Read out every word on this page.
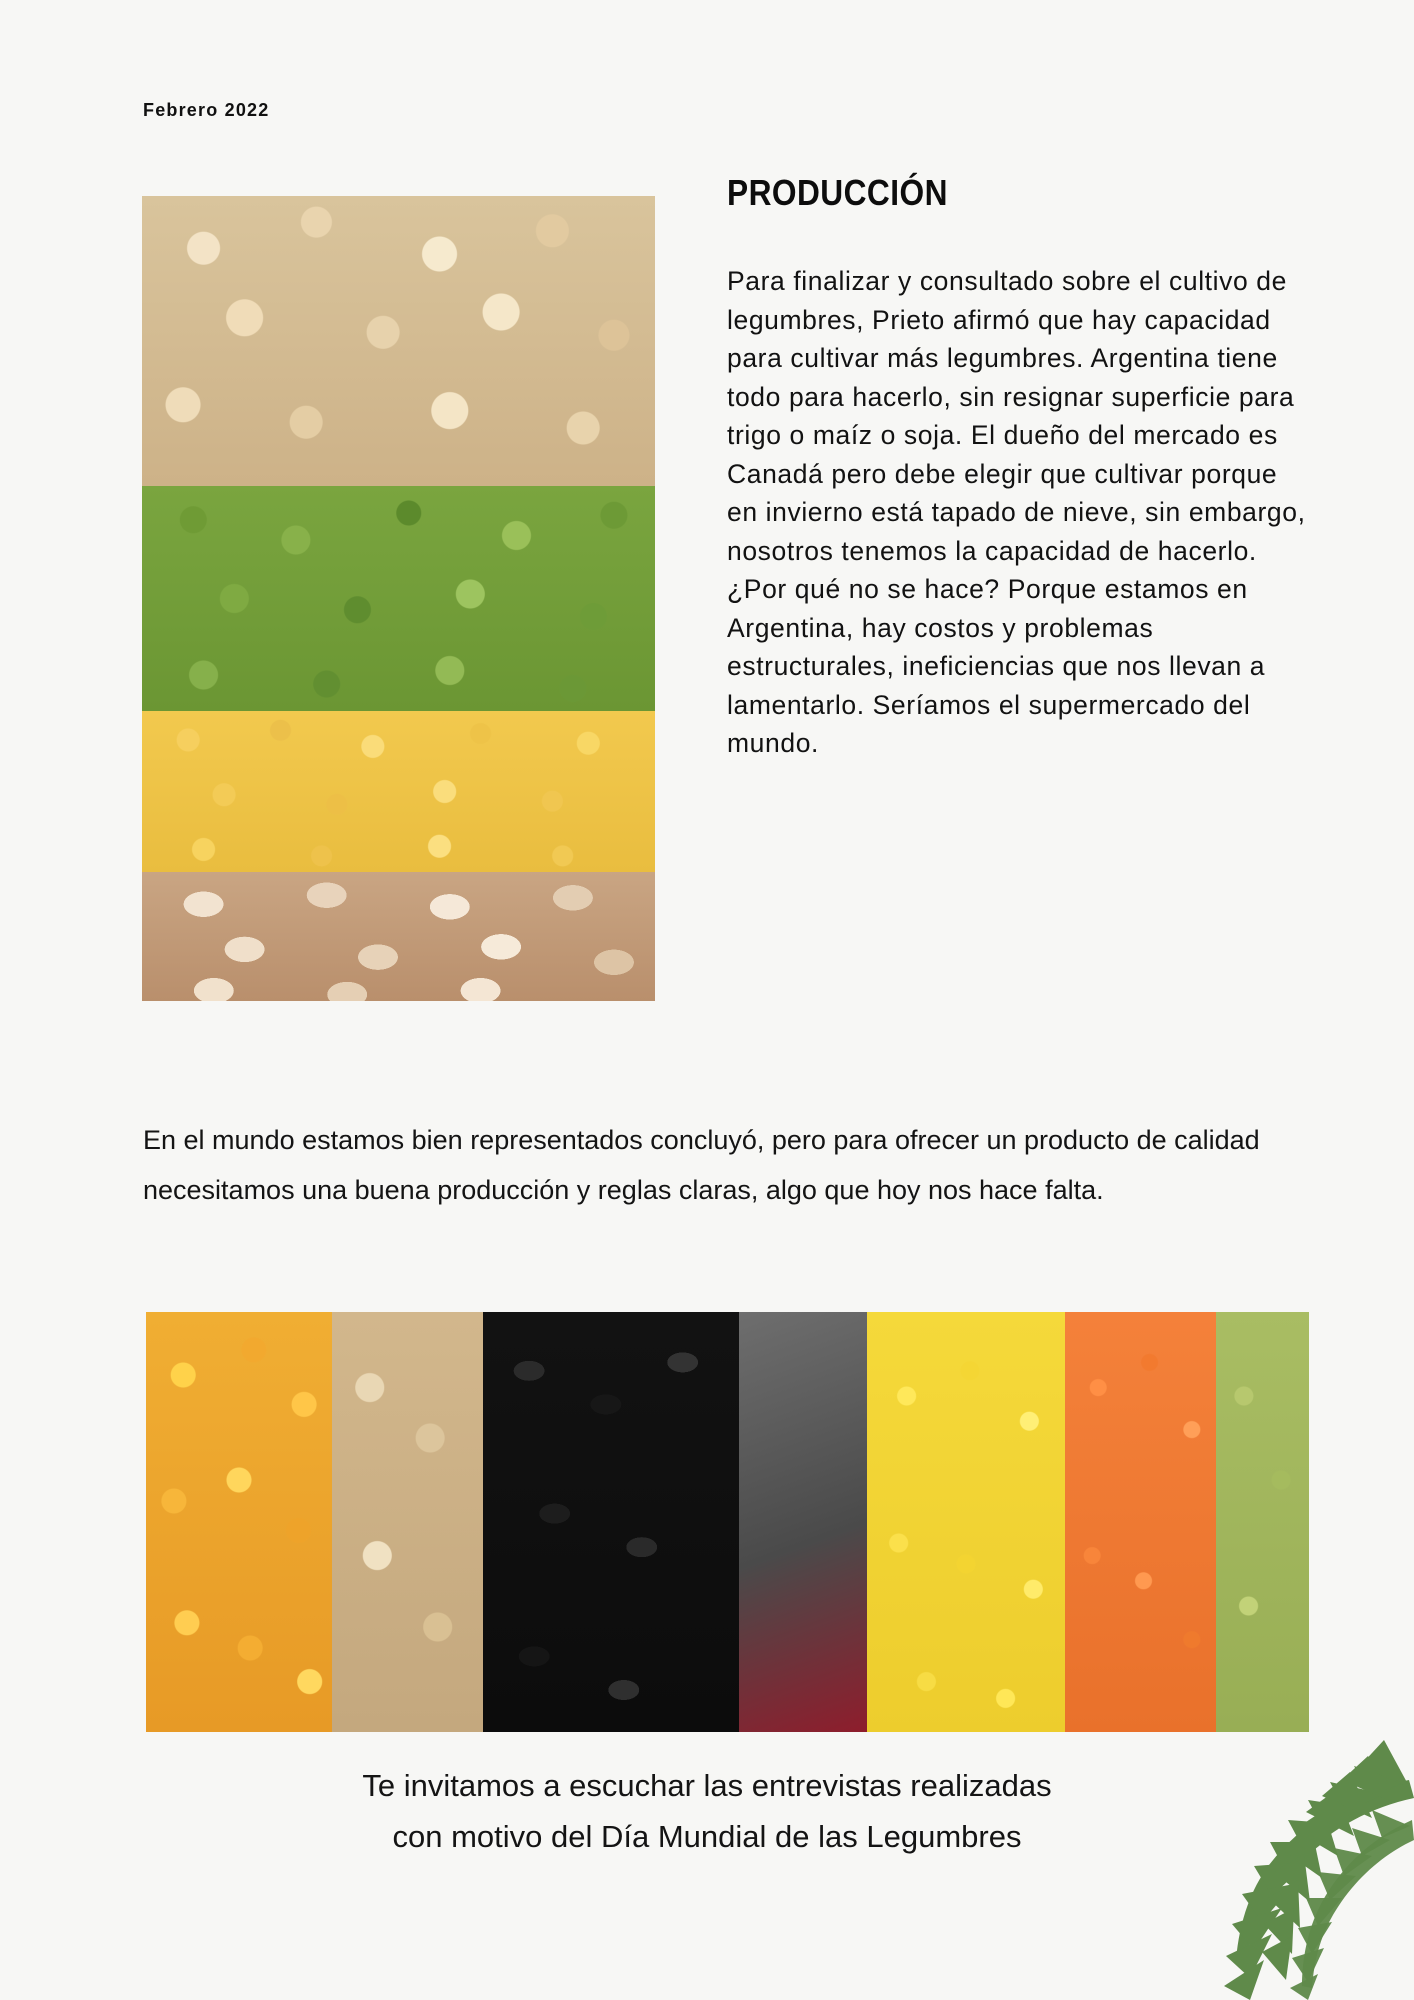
Febrero 2022
PRODUCCIÓN
Para finalizar y consultado sobre el cultivo de legumbres, Prieto afirmó que hay capacidad para cultivar más legumbres. Argentina tiene todo para hacerlo, sin resignar superficie para trigo o maíz o soja. El dueño del mercado es Canadá pero debe elegir que cultivar porque en invierno está tapado de nieve, sin embargo, nosotros tenemos la capacidad de hacerlo. ¿Por qué no se hace? Porque estamos en Argentina, hay costos y problemas estructurales, ineficiencias que nos llevan a lamentarlo. Seríamos el supermercado del mundo.
En el mundo estamos bien representados concluyó, pero para ofrecer un producto de calidad necesitamos una buena producción y reglas claras, algo que hoy nos hace falta.
Te invitamos a escuchar las entrevistas realizadas
con motivo del Día Mundial de las Legumbres
